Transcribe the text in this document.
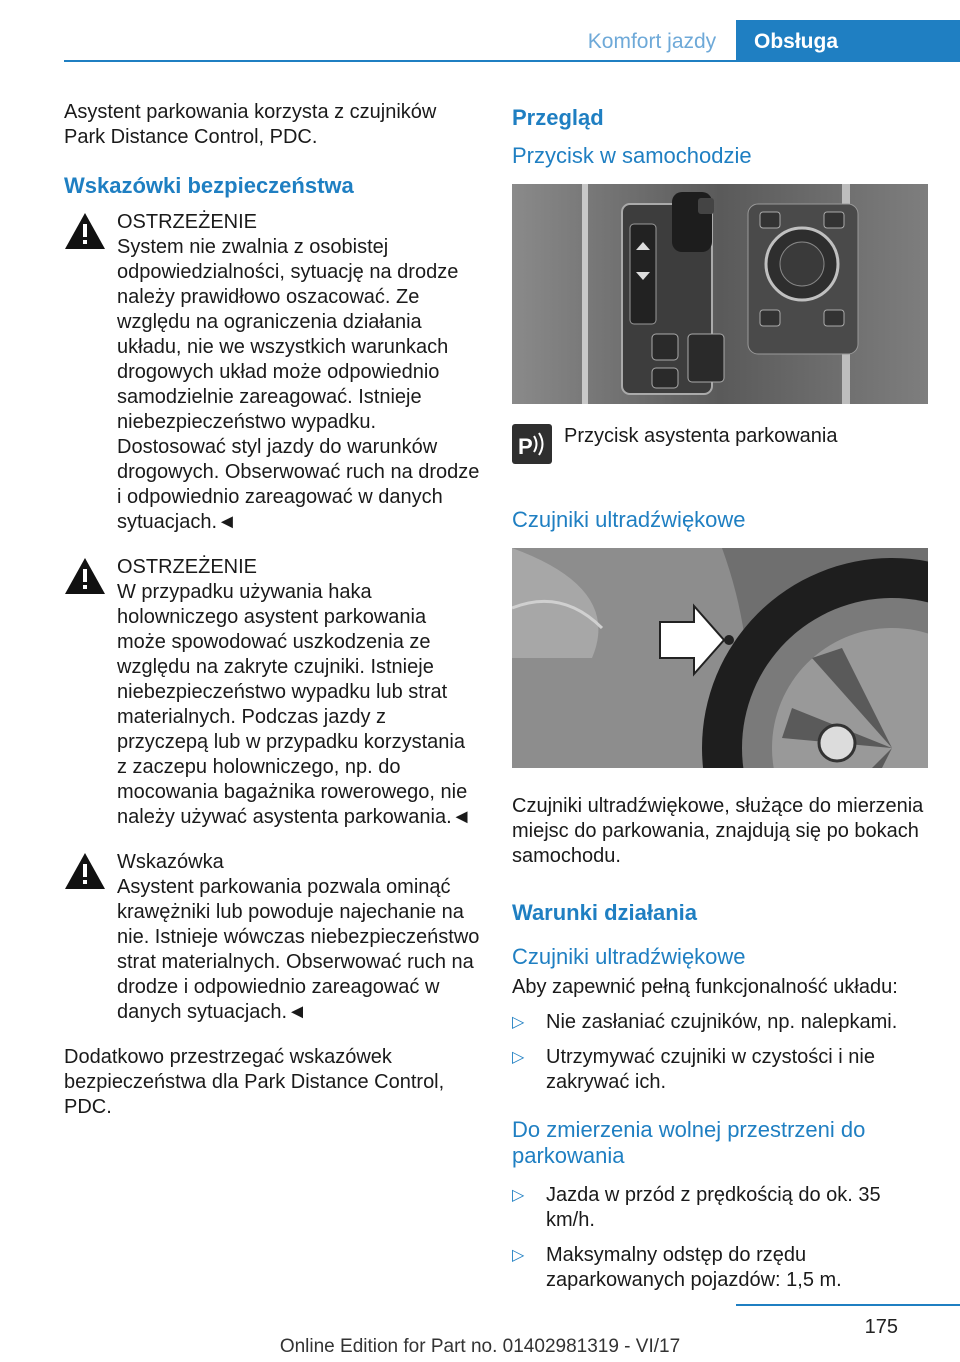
Komfort jazdy	Obsługa

Asystent parkowania korzysta z czujników Park Distance Control, PDC.

Wskazówki bezpieczeństwa
OSTRZEŻENIE
System nie zwalnia z osobistej odpowiedzialności, sytuację na drodze należy prawidłowo oszacować. Ze względu na ograniczenia działania układu, nie we wszystkich warunkach drogowych układ może odpowiednio samodzielnie zareagować. Istnieje niebezpieczeństwo wypadku. Dostosować styl jazdy do warunków drogowych. Obserwować ruch na drodze i odpowiednio zareagować w danych sytuacjach.◄
OSTRZEŻENIE
W przypadku używania haka holowniczego asystent parkowania może spowodować uszkodzenia ze względu na zakryte czujniki. Istnieje niebezpieczeństwo wypadku lub strat materialnych. Podczas jazdy z przyczepą lub w przypadku korzystania z zaczepu holowniczego, np. do mocowania bagażnika rowerowego, nie należy używać asystenta parkowania.◄
Wskazówka
Asystent parkowania pozwala ominąć krawężniki lub powoduje najechanie na nie. Istnieje wówczas niebezpieczeństwo strat materialnych. Obserwować ruch na drodze i odpowiednio zareagować w danych sytuacjach.◄

Dodatkowo przestrzegać wskazówek bezpieczeństwa dla Park Distance Control, PDC.

Przegląd
Przycisk w samochodzie
P Przycisk asystenta parkowania
Czujniki ultradźwiękowe

Czujniki ultradźwiękowe, służące do mierzenia miejsc do parkowania, znajdują się po bokach samochodu.

Warunki działania
Czujniki ultradźwiękowe

Aby zapewnić pełną funkcjonalność układu:

▷ Nie zasłaniać czujników, np. nalepkami.
▷ Utrzymywać czujniki w czystości i nie zakrywać ich.
Do zmierzenia wolnej przestrzeni do parkowania
▷ Jazda w przód z prędkością do ok. 35 km/h.
▷ Maksymalny odstęp do rzędu zaparkowanych pojazdów: 1,5 m.
175
Online Edition for Part no. 01402981319 - VI/17
